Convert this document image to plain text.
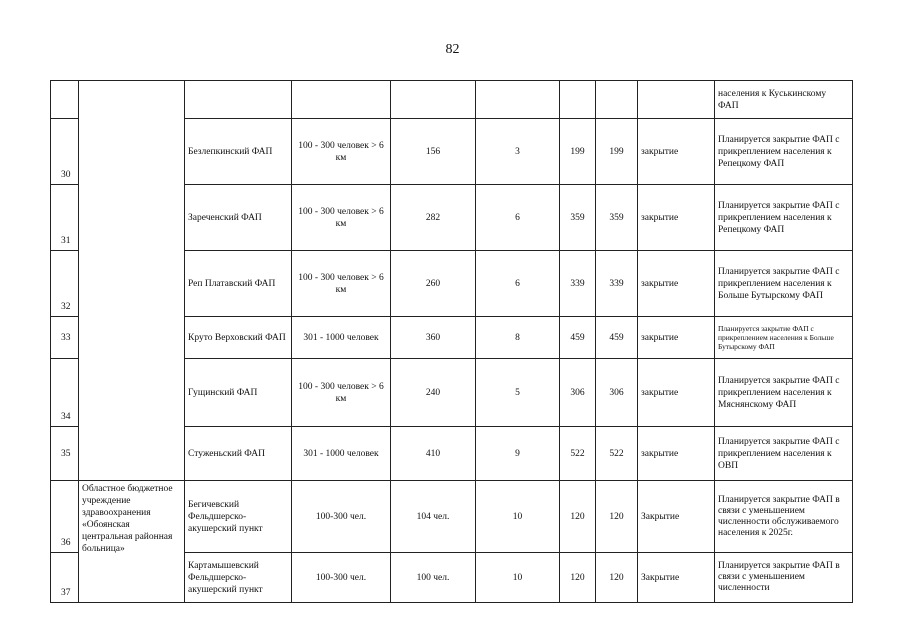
82
									населения к Куськинскому ФАП
30		Безлепкинский ФАП	100 - 300 человек > 6 км	156	3	199	199	закрытие	Планируется закрытие ФАП с прикреплением населения к Репецкому ФАП
31		Зареченский ФАП	100 - 300 человек > 6 км	282	6	359	359	закрытие	Планируется закрытие ФАП с прикреплением населения к Репецкому ФАП
32		Реп Платавский ФАП	100 - 300 человек > 6 км	260	6	339	339	закрытие	Планируется закрытие ФАП с прикреплением населения к Больше Бутырскому ФАП
33		Круто Верховский ФАП	301 - 1000 человек	360	8	459	459	закрытие	Планируется закрытие ФАП с прикреплением населения к Больше Бутырскому ФАП
34		Гущинский ФАП	100 - 300 человек > 6 км	240	5	306	306	закрытие	Планируется закрытие ФАП с прикреплением населения к Мяснянскому ФАП
35		Стуженьский ФАП	301 - 1000 человек	410	9	522	522	закрытие	Планируется закрытие ФАП с прикреплением населения к ОВП
36	Областное бюджетное учреждение здравоохранения «Обоянская центральная районная больница»	Бегичевский Фельдшерско-акушерский пункт	100-300 чел.	104 чел.	10	120	120	Закрытие	Планируется закрытие ФАП в связи с уменьшением численности обслуживаемого населения к 2025г.
37		Картамышевский Фельдшерско-акушерский пункт	100-300 чел.	100 чел.	10	120	120	Закрытие	Планируется закрытие ФАП в связи с уменьшением численности
